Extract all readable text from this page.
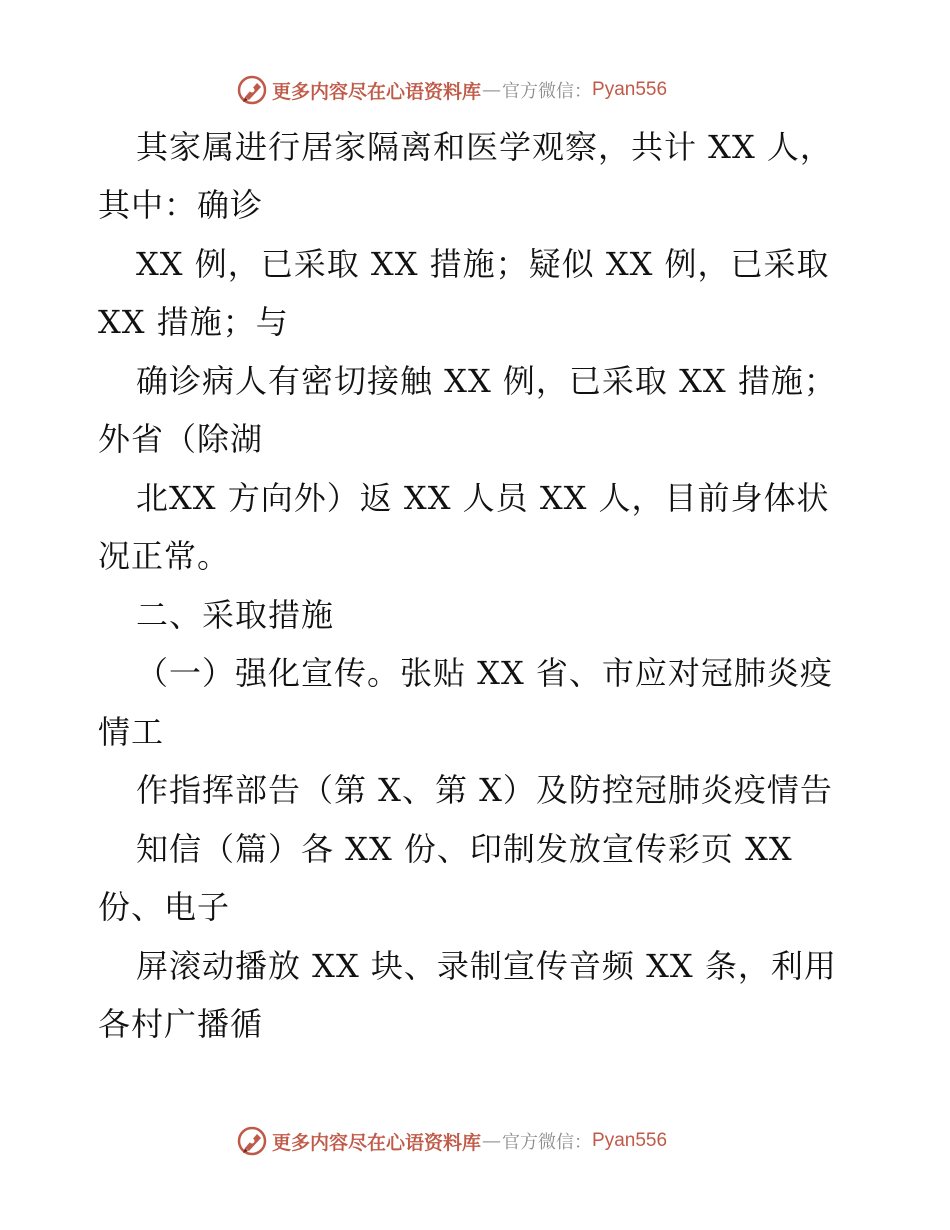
更多内容尽在心语资料库 — 官方微信： Pyan556
其家属进行居家隔离和医学观察，共计 XX 人，
其中：确诊
XX 例，已采取 XX 措施；疑似 XX 例，已采取
XX 措施；与
确诊病人有密切接触 XX 例，已采取 XX 措施；
外省（除湖
北XX 方向外）返 XX 人员 XX 人，目前身体状
况正常。
二、采取措施
（一）强化宣传。张贴 XX 省、市应对冠肺炎疫
情工
作指挥部告（第 X、第 X）及防控冠肺炎疫情告
知信（篇）各 XX 份、印制发放宣传彩页 XX
份、电子
屏滚动播放 XX 块、录制宣传音频 XX 条，利用
各村广播循
更多内容尽在心语资料库 — 官方微信： Pyan556
